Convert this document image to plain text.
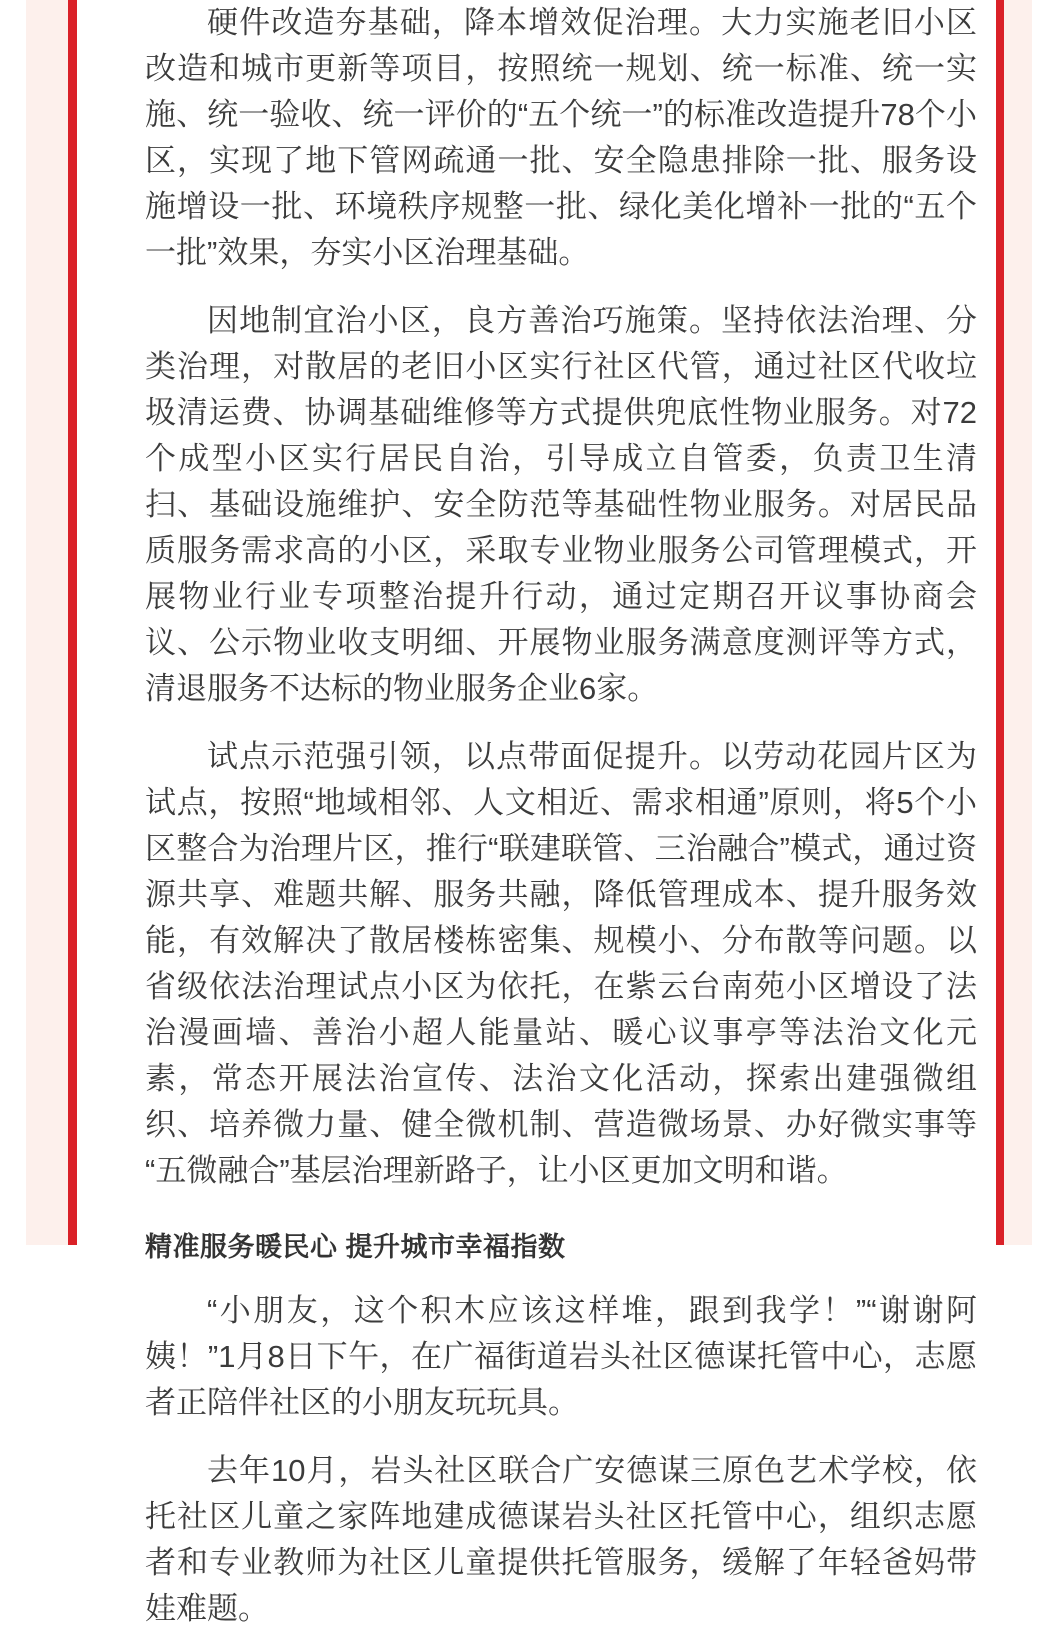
硬件改造夯基础，降本增效促治理。大力实施老旧小区改造和城市更新等项目，按照统一规划、统一标准、统一实施、统一验收、统一评价的“五个统一”的标准改造提升78个小区，实现了地下管网疏通一批、安全隐患排除一批、服务设施增设一批、环境秩序规整一批、绿化美化增补一批的“五个一批”效果，夯实小区治理基础。

因地制宜治小区，良方善治巧施策。坚持依法治理、分类治理，对散居的老旧小区实行社区代管，通过社区代收垃圾清运费、协调基础维修等方式提供兜底性物业服务。对72个成型小区实行居民自治，引导成立自管委，负责卫生清扫、基础设施维护、安全防范等基础性物业服务。对居民品质服务需求高的小区，采取专业物业服务公司管理模式，开展物业行业专项整治提升行动，通过定期召开议事协商会议、公示物业收支明细、开展物业服务满意度测评等方式，清退服务不达标的物业服务企业6家。

试点示范强引领，以点带面促提升。以劳动花园片区为试点，按照“地域相邻、人文相近、需求相通”原则，将5个小区整合为治理片区，推行“联建联管、三治融合”模式，通过资源共享、难题共解、服务共融，降低管理成本、提升服务效能，有效解决了散居楼栋密集、规模小、分布散等问题。以省级依法治理试点小区为依托，在紫云台南苑小区增设了法治漫画墙、善治小超人能量站、暖心议事亭等法治文化元素，常态开展法治宣传、法治文化活动，探索出建强微组织、培养微力量、健全微机制、营造微场景、办好微实事等“五微融合”基层治理新路子，让小区更加文明和谐。

精准服务暖民心 提升城市幸福指数

“小朋友，这个积木应该这样堆，跟到我学！”“谢谢阿姨！”1月8日下午，在广福街道岩头社区德谋托管中心，志愿者正陪伴社区的小朋友玩玩具。

去年10月，岩头社区联合广安德谋三原色艺术学校，依托社区儿童之家阵地建成德谋岩头社区托管中心，组织志愿者和专业教师为社区儿童提供托管服务，缓解了年轻爸妈带娃难题。
